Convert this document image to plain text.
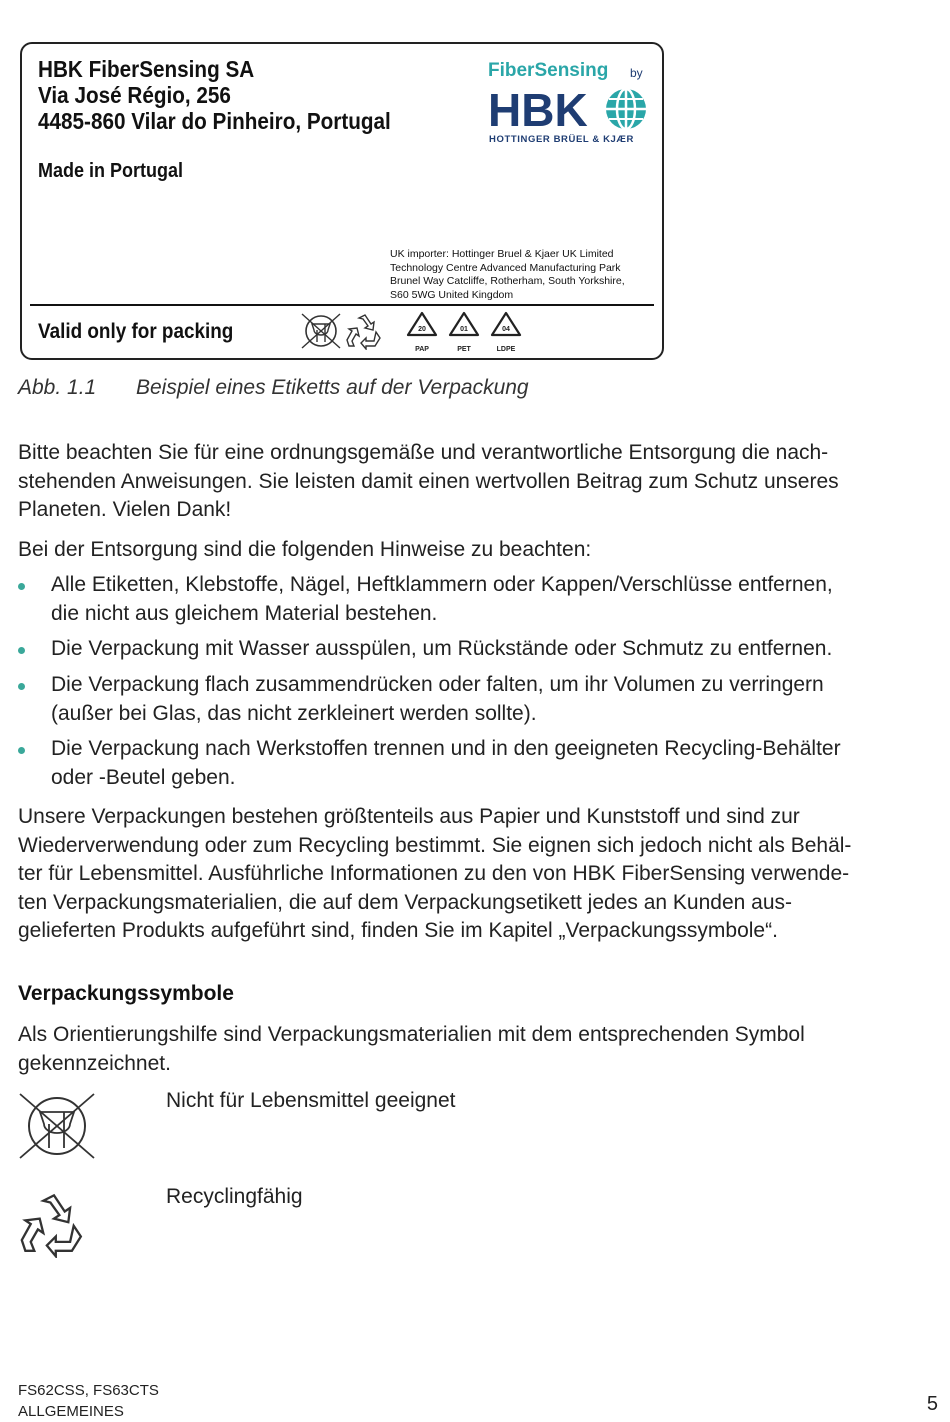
HBK FiberSensing SA
Via José Régio, 256
4485-860 Vilar do Pinheiro, Portugal
Made in Portugal
FiberSensing by
HBK
HOTTINGER BRÜEL & KJÆR
UK importer: Hottinger Bruel & Kjaer UK Limited
Technology Centre Advanced Manufacturing Park
Brunel Way Catcliffe, Rotherham, South Yorkshire,
S60 5WG United Kingdom
Valid only for packing	20
PAP
01
PET
04
LDPE
Abb. 1.1 Beispiel eines Etiketts auf der Verpackung
Bitte beachten Sie für eine ordnungsgemäße und verantwortliche Entsorgung die nach-
stehenden Anweisungen. Sie leisten damit einen wertvollen Beitrag zum Schutz unseres
Planeten. Vielen Dank!
Bei der Entsorgung sind die folgenden Hinweise zu beachten:
Alle Etiketten, Klebstoffe, Nägel, Heftklammern oder Kappen/Verschlüsse entfernen,
die nicht aus gleichem Material bestehen.
Die Verpackung mit Wasser ausspülen, um Rückstände oder Schmutz zu entfernen.
Die Verpackung flach zusammendrücken oder falten, um ihr Volumen zu verringern
(außer bei Glas, das nicht zerkleinert werden sollte).
Die Verpackung nach Werkstoffen trennen und in den geeigneten Recycling-Behälter
oder -Beutel geben.
Unsere Verpackungen bestehen größtenteils aus Papier und Kunststoff und sind zur
Wiederverwendung oder zum Recycling bestimmt. Sie eignen sich jedoch nicht als Behäl-
ter für Lebensmittel. Ausführliche Informationen zu den von HBK FiberSensing verwende-
ten Verpackungsmaterialien, die auf dem Verpackungsetikett jedes an Kunden aus-
gelieferten Produkts aufgeführt sind, finden Sie im Kapitel „Verpackungssymbole“.
Verpackungssymbole
Als Orientierungshilfe sind Verpackungsmaterialien mit dem entsprechenden Symbol
gekennzeichnet.
Nicht für Lebensmittel geeignet
Recyclingfähig
FS62CSS, FS63CTS
ALLGEMEINES	5
